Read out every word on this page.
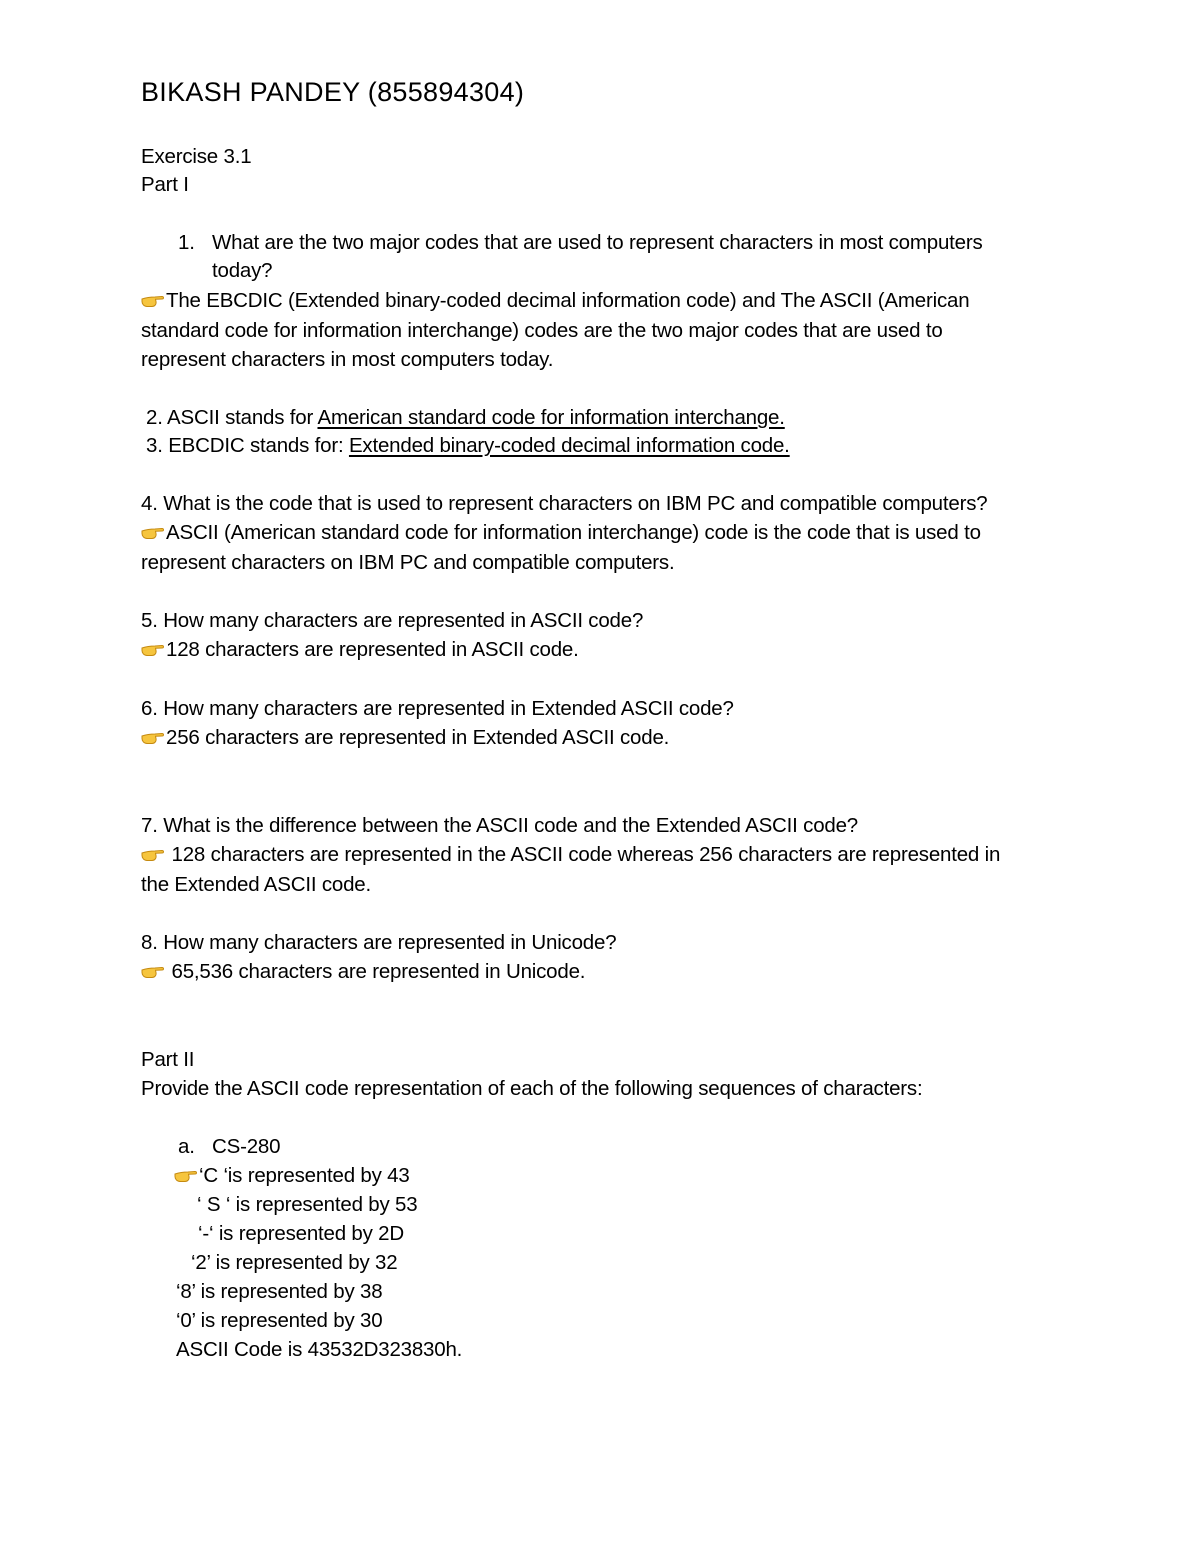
BIKASH PANDEY (855894304)
Exercise 3.1
Part I
1. What are the two major codes that are used to represent characters in most computers
today?
The EBCDIC (Extended binary-coded decimal information code) and The ASCII (American
standard code for information interchange) codes are the two major codes that are used to
represent characters in most computers today.
2. ASCII stands for American standard code for information interchange.
3. EBCDIC stands for: Extended binary-coded decimal information code.
4. What is the code that is used to represent characters on IBM PC and compatible computers?
ASCII (American standard code for information interchange) code is the code that is used to
represent characters on IBM PC and compatible computers.
5. How many characters are represented in ASCII code?
128 characters are represented in ASCII code.
6. How many characters are represented in Extended ASCII code?
256 characters are represented in Extended ASCII code.
7. What is the difference between the ASCII code and the Extended ASCII code?
128 characters are represented in the ASCII code whereas 256 characters are represented in
the Extended ASCII code.
8. How many characters are represented in Unicode?
65,536 characters are represented in Unicode.
Part II
Provide the ASCII code representation of each of the following sequences of characters:
a. CS-280
‘C ‘is represented by 43
‘ S ‘ is represented by 53
‘-‘ is represented by 2D
‘2’ is represented by 32
‘8’ is represented by 38
‘0’ is represented by 30
ASCII Code is 43532D323830h.
